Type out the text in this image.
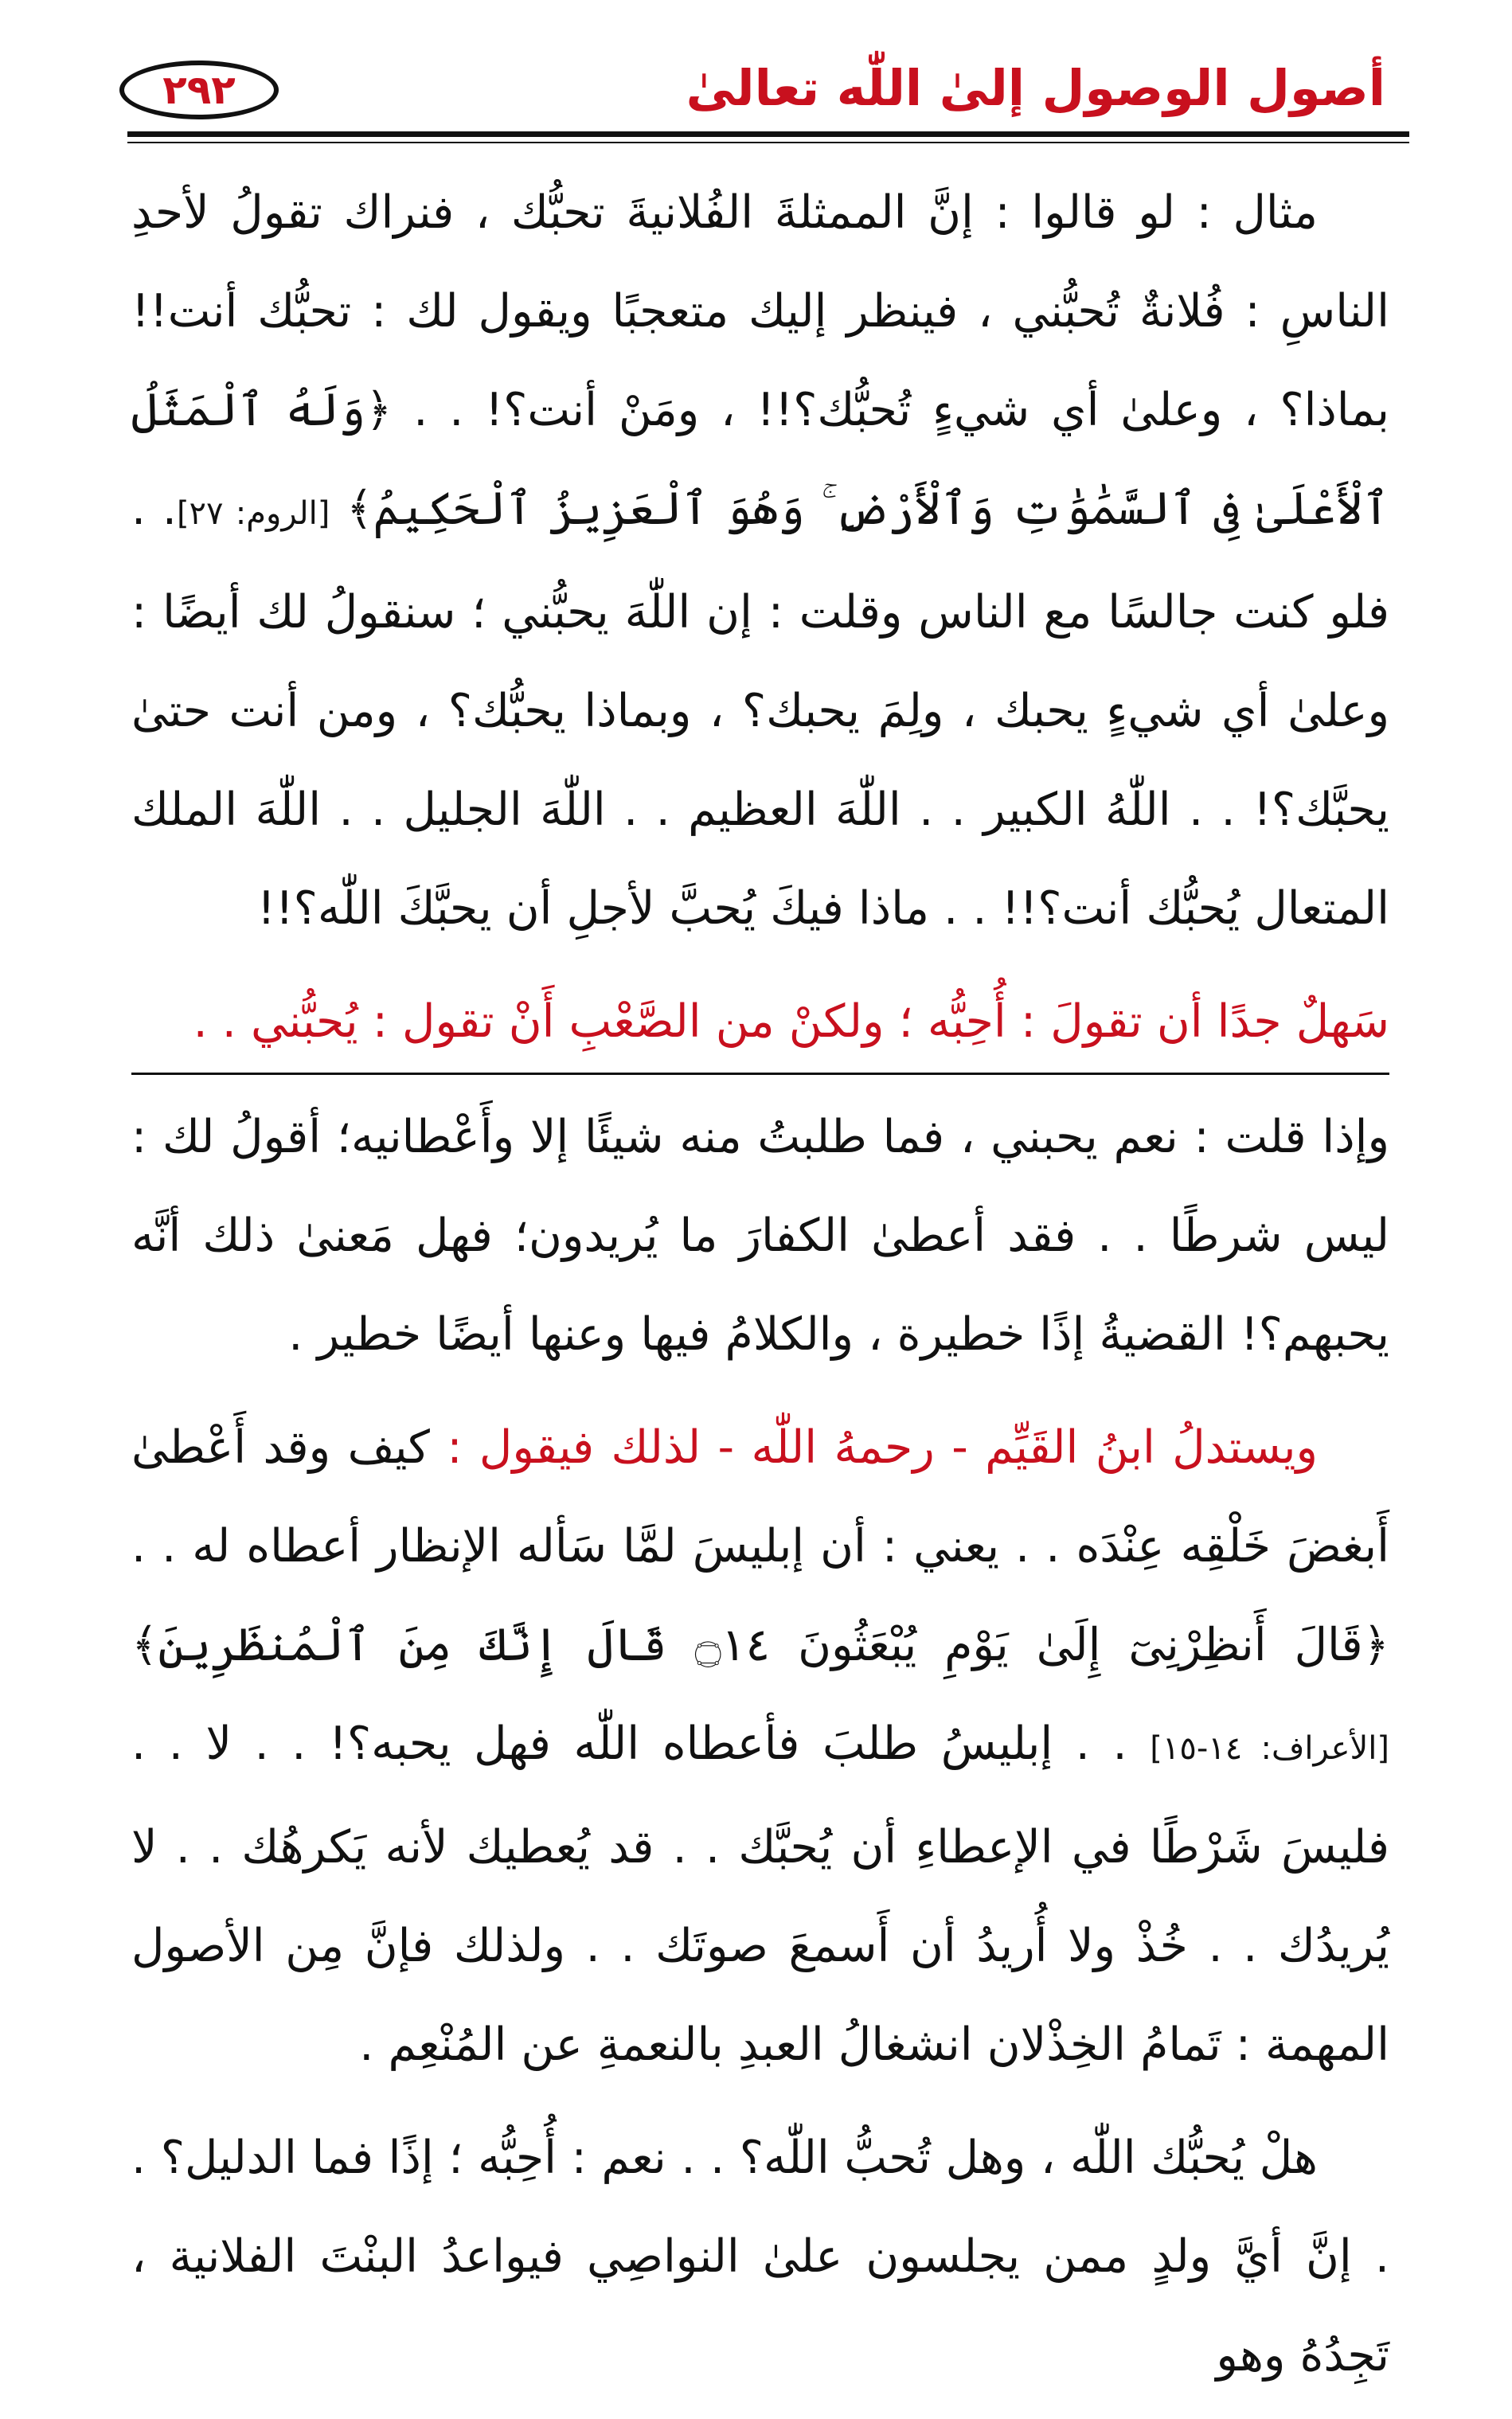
٢٩٢	أصول الوصول إلىٰ اللّٰه تعالىٰ

مثال : لو قالوا : إنَّ الممثلةَ الفُلانيةَ تحبُّك ، فنراك تقولُ لأحدِ الناسِ : فُلانةٌ تُحبُّني ، فينظر إليك متعجبًا ويقول لك : تحبُّك أنت!! بماذا؟ ، وعلىٰ أي شيءٍ تُحبُّك؟!! ، ومَنْ أنت؟! . . ﴿وَلَهُ ٱلْمَثَلُ ٱلْأَعْلَىٰ فِى ٱلسَّمَٰوَٰتِ وَٱلْأَرْضِ ۚ وَهُوَ ٱلْعَزِيزُ ٱلْحَكِيمُ﴾ [الروم: ٢٧]. . فلو كنت جالسًا مع الناس وقلت : إن اللّٰهَ يحبُّني ؛ سنقولُ لك أيضًا : وعلىٰ أي شيءٍ يحبك ، ولِمَ يحبك؟ ، وبماذا يحبُّك؟ ، ومن أنت حتىٰ يحبَّك؟! . . اللّٰهُ الكبير . . اللّٰهَ العظيم . . اللّٰهَ الجليل . . اللّٰهَ الملك المتعال يُحبُّك أنت؟!! . . ماذا فيكَ يُحبَّ لأجلِ أن يحبَّكَ اللّٰه؟!!

سَهلٌ جدًا أن تقولَ : أُحِبُّه ؛ ولكنْ من الصَّعْبِ أَنْ تقول : يُحبُّني . .

وإذا قلت : نعم يحبني ، فما طلبتُ منه شيئًا إلا وأَعْطانيه؛ أقولُ لك : ليس شرطًا . . فقد أعطىٰ الكفارَ ما يُريدون؛ فهل مَعنىٰ ذلك أنَّه يحبهم؟! القضيةُ إذًا خطيرة ، والكلامُ فيها وعنها أيضًا خطير .

ويستدلُ ابنُ القَيِّم - رحمهُ اللّٰه - لذلك فيقول : كيف وقد أَعْطىٰ أَبغضَ خَلْقِه عِنْدَه . . يعني : أن إبليسَ لمَّا سَأله الإنظار أعطاه له . . ﴿قَالَ أَنظِرْنِىٓ إِلَىٰ يَوْمِ يُبْعَثُونَ ۝١٤ قَالَ إِنَّكَ مِنَ ٱلْمُنظَرِينَ﴾ [الأعراف: ١٤-١٥] . . إبليسُ طلبَ فأعطاه اللّٰه فهل يحبه؟! . . لا . . فليسَ شَرْطًا في الإعطاءِ أن يُحبَّك . . قد يُعطيك لأنه يَكرهُك . . لا يُريدُك . . خُذْ ولا أُريدُ أن أَسمعَ صوتَك . . ولذلك فإنَّ مِن الأصول المهمة : تَمامُ الخِذْلان انشغالُ العبدِ بالنعمةِ عن المُنْعِم .

هلْ يُحبُّك اللّٰه ، وهل تُحبُّ اللّٰه؟ . . نعم : أُحِبُّه ؛ إذًا فما الدليل؟ . . إنَّ أيَّ ولدٍ ممن يجلسون علىٰ النواصِي فيواعدُ البنْتَ الفلانية ، تَجِدُهُ وهو
